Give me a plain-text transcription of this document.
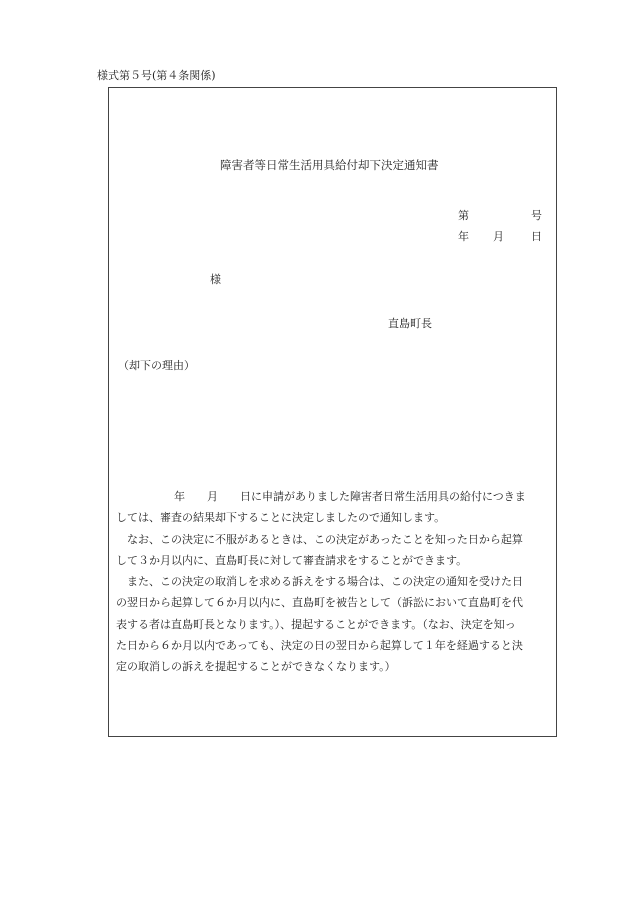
様式第５号(第４条関係)
障害者等日常生活用具給付却下決定通知書
第	号
年 月 日
様
直島町長
（却下の理由）

年 月 日に申請がありました障害者日常生活用具の給付につきま

しては、審査の結果却下することに決定しましたので通知します。

なお、この決定に不服があるときは、この決定があったことを知った日から起算

して３か月以内に、直島町長に対して審査請求をすることができます。

また、この決定の取消しを求める訴えをする場合は、この決定の通知を受けた日

の翌日から起算して６か月以内に、直島町を被告として（訴訟において直島町を代

表する者は直島町長となります。）、提起することができます。（なお、決定を知っ

た日から６か月以内であっても、決定の日の翌日から起算して１年を経過すると決

定の取消しの訴えを提起することができなくなります。）
